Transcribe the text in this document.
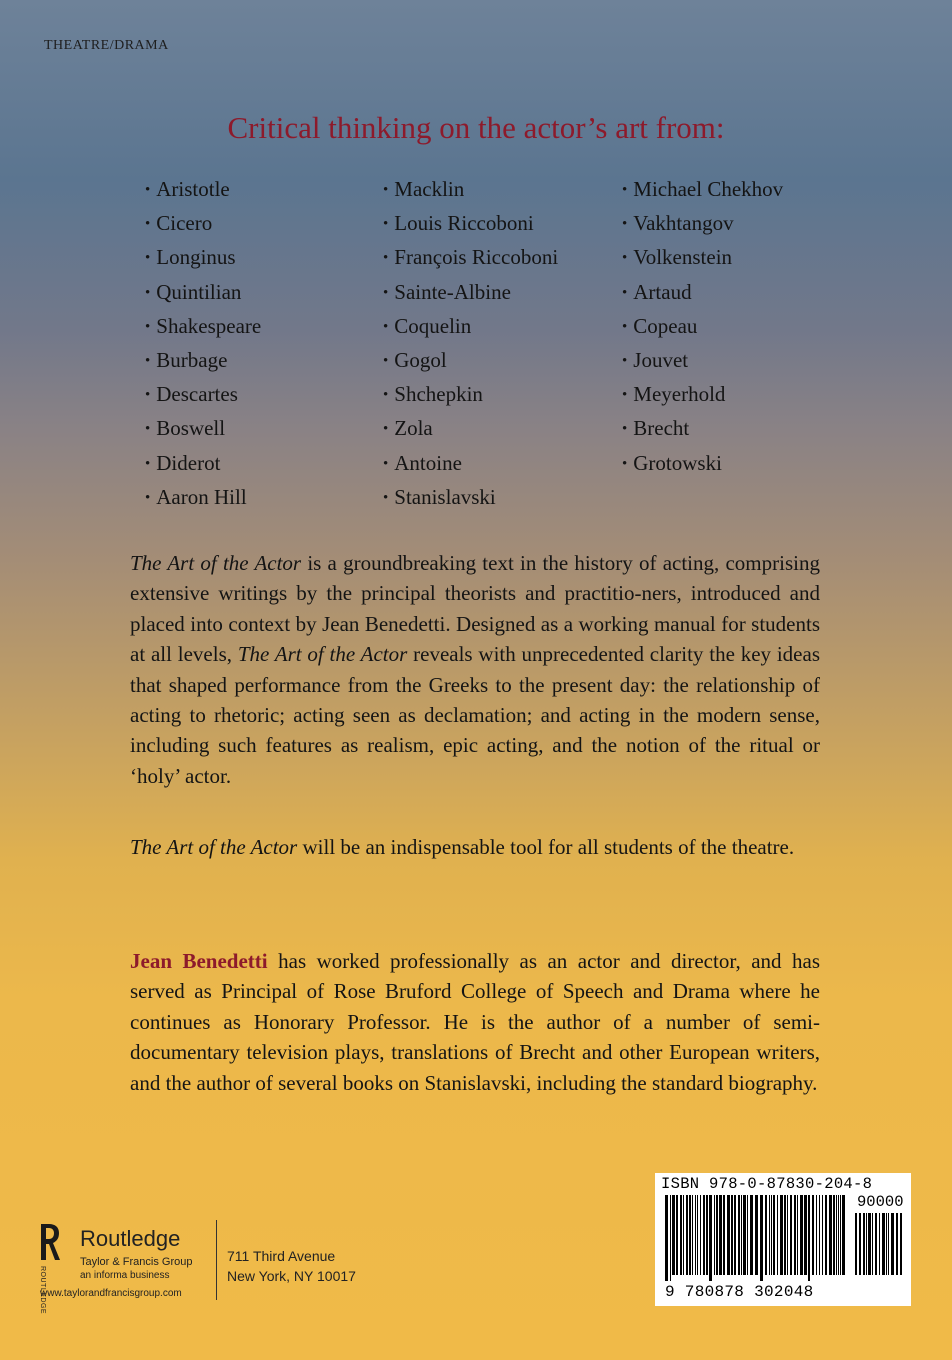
THEATRE/DRAMA
Critical thinking on the actor’s art from:
• Aristotle
• Cicero
• Longinus
• Quintilian
• Shakespeare
• Burbage
• Descartes
• Boswell
• Diderot
• Aaron Hill
• Macklin
• Louis Riccoboni
• François Riccoboni
• Sainte-Albine
• Coquelin
• Gogol
• Shchepkin
• Zola
• Antoine
• Stanislavski
• Michael Chekhov
• Vakhtangov
• Volkenstein
• Artaud
• Copeau
• Jouvet
• Meyerhold
• Brecht
• Grotowski

The Art of the Actor is a groundbreaking text in the history of acting, comprising extensive writings by the principal theorists and practitio-ners, introduced and placed into context by Jean Benedetti. Designed as a working manual for students at all levels, The Art of the Actor reveals with unprecedented clarity the key ideas that shaped performance from the Greeks to the present day: the relationship of acting to rhetoric; acting seen as declamation; and acting in the modern sense, including such features as realism, epic acting, and the notion of the ritual or ‘holy’ actor.

The Art of the Actor will be an indispensable tool for all students of the theatre.

Jean Benedetti has worked professionally as an actor and director, and has served as Principal of Rose Bruford College of Speech and Drama where he continues as Honorary Professor. He is the author of a number of semi-documentary television plays, translations of Brecht and other European writers, and the author of several books on Stanislavski, including the standard biography.

ROUTLEDGE
Routledge
Taylor & Francis Group
an informa business
www.taylorandfrancisgroup.com
711 Third Avenue
New York, NY 10017
ISBN 978-0-87830-204-8
90000
9 780878 302048
